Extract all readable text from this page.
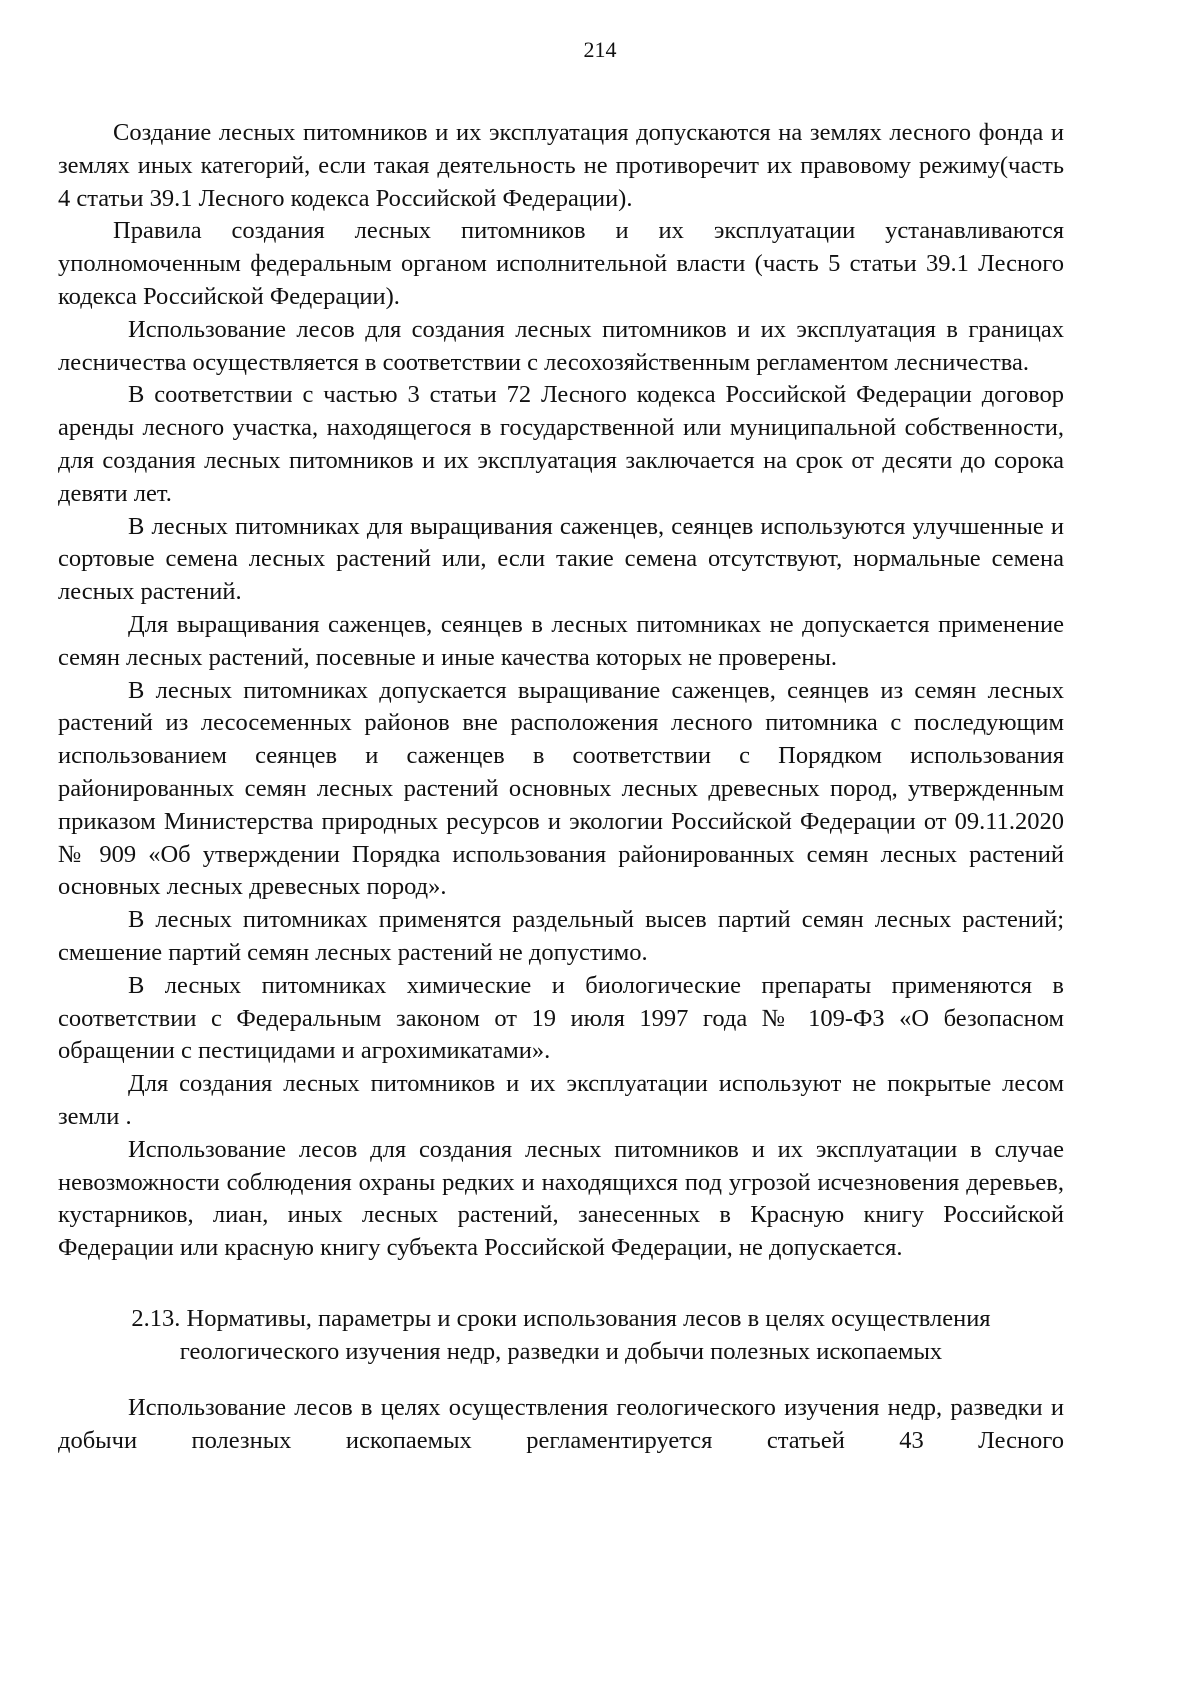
214

Создание лесных питомников и их эксплуатация допускаются на землях лесного фонда и землях иных категорий, если такая деятельность не противоречит их правовому режиму(часть 4 статьи 39.1 Лесного кодекса Российской Федерации).

Правила создания лесных питомников и их эксплуатации устанавливаются уполномоченным федеральным органом исполнительной власти (часть 5 статьи 39.1 Лесного кодекса Российской Федерации).

Использование лесов для создания лесных питомников и их эксплуатация в границах лесничества осуществляется в соответствии с лесохозяйственным регламентом лесничества.

В соответствии с частью 3 статьи 72 Лесного кодекса Российской Федерации договор аренды лесного участка, находящегося в государственной или муниципальной собственности, для создания лесных питомников и их эксплуатация заключается на срок от десяти до сорока девяти лет.

В лесных питомниках для выращивания саженцев, сеянцев используются улучшенные и сортовые семена лесных растений или, если такие семена отсутствуют, нормальные семена лесных растений.

Для выращивания саженцев, сеянцев в лесных питомниках не допускается применение семян лесных растений, посевные и иные качества которых не проверены.

В лесных питомниках допускается выращивание саженцев, сеянцев из семян лесных растений из лесосеменных районов вне расположения лесного питомника с последующим использованием сеянцев и саженцев в соответствии с Порядком использования районированных семян лесных растений основных лесных древесных пород, утвержденным приказом Министерства природных ресурсов и экологии Российской Федерации от 09.11.2020 № 909 «Об утверждении Порядка использования районированных семян лесных растений основных лесных древесных пород».

В лесных питомниках применятся раздельный высев партий семян лесных растений; смешение партий семян лесных растений не допустимо.

В лесных питомниках химические и биологические препараты применяются в соответствии с Федеральным законом от 19 июля 1997 года № 109-ФЗ «О безопасном обращении с пестицидами и агрохимикатами».

Для создания лесных питомников и их эксплуатации используют не покрытые лесом земли .

Использование лесов для создания лесных питомников и их эксплуатации в случае невозможности соблюдения охраны редких и находящихся под угрозой исчезновения деревьев, кустарников, лиан, иных лесных растений, занесенных в Красную книгу Российской Федерации или красную книгу субъекта Российской Федерации, не допускается.

2.13. Нормативы, параметры и сроки использования лесов в целях осуществления
геологического изучения недр, разведки и добычи полезных ископаемых

Использование лесов в целях осуществления геологического изучения недр, разведки и добычи полезных ископаемых регламентируется статьей 43 Лесного
